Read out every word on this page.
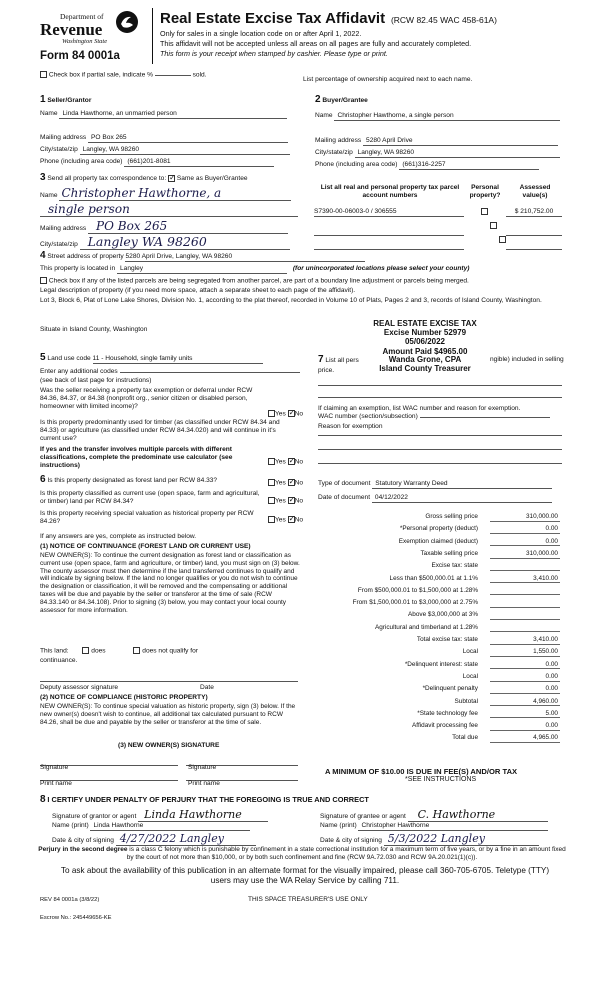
Department of
Revenue
Washington State
Form 84 0001a
Real Estate Excise Tax Affidavit (RCW 82.45 WAC 458-61A)
Only for sales in a single location code on or after April 1, 2022.
This affidavit will not be accepted unless all areas on all pages are fully and accurately completed.
This form is your receipt when stamped by cashier. Please type or print.
Check box if partial sale, indicate %	sold.
List percentage of ownership acquired next to each name.
1 Seller/Grantor
Name Linda Hawthorne, an unmarried person
Mailing address PO Box 265
City/state/zip Langley, WA 98260
Phone (including area code) (661)201-8081
2 Buyer/Grantee
Name Christopher Hawthorne, a single person
Mailing address 5280 April Drive
City/state/zip Langley, WA 98260
Phone (including area code) (661)316-2257
3 Send all property tax correspondence to: ✓ Same as Buyer/Grantee
Name Christopher Hawthorne, a
single person
Mailing address PO Box 265
City/state/zip Langley WA 98260
List all real and personal property tax parcel account numbers
Personal property?
Assessed value(s)
S7390-00-06003-0 / 306555
	$ 210,752.00

4 Street address of property 5280 April Drive, Langley, WA 98260
This property is located in Langley	(for unincorporated locations please select your county)
Check box if any of the listed parcels are being segregated from another parcel, are part of a boundary line adjustment or parcels being merged.
Legal description of property (if you need more space, attach a separate sheet to each page of the affidavit).
Lot 3, Block 6, Plat of Lone Lake Shores, Division No. 1, according to the plat thereof, recorded in Volume 10 of Plats, Pages 2 and 3, records of Island County, Washington.
Situate in Island County, Washington
REAL ESTATE EXCISE TAX
Excise Number 52979
05/06/2022
Amount Paid $4965.00
5 Land use code 11 - Household, single family units
Enter any additional codes
(see back of last page for instructions)
Was the seller receiving a property tax exemption or deferral under RCW 84.36, 84.37, or 84.38 (nonprofit org., senior citizen or disabled person, homeowner with limited income)?
Yes ✓ No
Is this property predominantly used for timber (as classified under RCW 84.34 and 84.33) or agriculture (as classified under RCW 84.34.020) and will continue in it's current use?
If yes and the transfer involves multiple parcels with different classifications, complete the predominate use calculator (see instructions)
Yes ✓ No
7 List all pers	Wanda Grone, CPA
Island County Treasurer
ngible) included in selling
price.
If claiming an exemption, list WAC number and reason for exemption.
WAC number (section/subsection)
Reason for exemption
6 Is this property designated as forest land per RCW 84.33?	Yes ✓ No
Is this property classified as current use (open space, farm and agricultural, or timber) land per RCW 84.34?	Yes ✓ No
Is this property receiving special valuation as historical property per RCW 84.26?	Yes ✓ No
If any answers are yes, complete as instructed below.
(1) NOTICE OF CONTINUANCE (FOREST LAND OR CURRENT USE)
NEW OWNER(S): To continue the current designation as forest land or classification as current use (open space, farm and agriculture, or timber) land, you must sign on (3) below. The county assessor must then determine if the land transferred continues to qualify and will indicate by signing below. If the land no longer qualifies or you do not wish to continue the designation or classification, it will be removed and the compensating or additional taxes will be due and payable by the seller or transferor at the time of sale (RCW 84.33.140 or 84.34.108). Prior to signing (3) below, you may contact your local county assessor for more information.
This land:	does	does not qualify for
continuance.
Deputy assessor signature	Date
(2) NOTICE OF COMPLIANCE (HISTORIC PROPERTY)
NEW OWNER(S): To continue special valuation as historic property, sign (3) below. If the new owner(s) doesn't wish to continue, all additional tax calculated pursuant to RCW 84.26, shall be due and payable by the seller or transferor at the time of sale.
(3) NEW OWNER(S) SIGNATURE
Signature	Signature
Print name	Print name
Type of document Statutory Warranty Deed
Date of document 04/12/2022
Gross selling price	310,000.00
*Personal property (deduct)	0.00
Exemption claimed (deduct)	0.00
Taxable selling price	310,000.00
Excise tax: state

Less than $500,000.01 at 1.1%	3,410.00
From $500,000.01 to $1,500,000 at 1.28%

From $1,500,000.01 to $3,000,000 at 2.75%

Above $3,000,000 at 3%

Agricultural and timberland at 1.28%

Total excise tax: state	3,410.00
Local	1,550.00
*Delinquent interest: state	0.00
Local	0.00
*Delinquent penalty	0.00
Subtotal	4,960.00
*State technology fee	5.00
Affidavit processing fee	0.00
Total due	4,965.00
A MINIMUM OF $10.00 IS DUE IN FEE(S) AND/OR TAX
*SEE INSTRUCTIONS
8 I CERTIFY UNDER PENALTY OF PERJURY THAT THE FOREGOING IS TRUE AND CORRECT
Signature of grantor or agent Linda Hawthorne
Name (print) Linda Hawthorne
Date & city of signing 4/27/2022 Langley
Signature of grantee or agent C. Hawthorne
Name (print) Christopher Hawthorne
Date & city of signing 5/3/2022 Langley
Perjury in the second degree is a class C felony which is punishable by confinement in a state correctional institution for a maximum term of five years, or by a fine in an amount fixed by the court of not more than $10,000, or by both such confinement and fine (RCW 9A.72.030 and RCW 9A.20.021(1)(c)).
To ask about the availability of this publication in an alternate format for the visually impaired, please call 360-705-6705. Teletype (TTY) users may use the WA Relay Service by calling 711.
REV 84 0001a (3/8/22)	THIS SPACE TREASURER'S USE ONLY
Escrow No.: 245449656-KE
